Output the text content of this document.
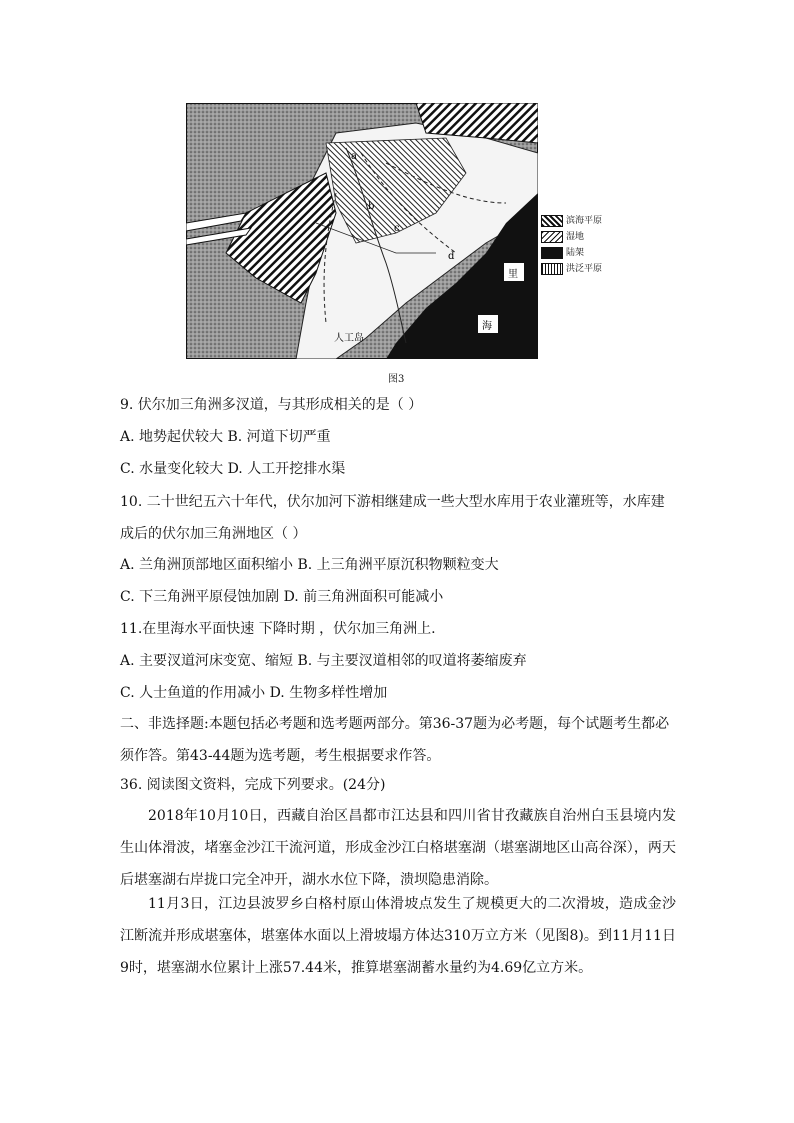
a
b
c
d
里
海
人工岛
滨海平原
湿地
陆架
洪泛平原
图3
9. 伏尔加三角洲多汊道，与其形成相关的是（ ）
A. 地势起伏较大 B. 河道下切严重
C. 水量变化较大 D. 人工开挖排水渠
10. 二十世纪五六十年代，伏尔加河下游相继建成一些大型水库用于农业灌班等，水库建成后的伏尔加三角洲地区（ ）
A. 兰角洲顶部地区面积缩小 B. 上三角洲平原沉积物颗粒变大
C. 下三角洲平原侵蚀加剧 D. 前三角洲面积可能减小
11.在里海水平面快速 下降时期 ，伏尔加三角洲上.
A. 主要汊道河床变宽、缩短 B. 与主要汊道相邻的叹道将萎缩废弃
C. 人士鱼道的作用减小 D. 生物多样性增加
二、非选择题:本题包括必考题和选考题两部分。第36-37题为必考题，每个试题考生都必须作答。第43-44题为选考题，考生根据要求作答。
36. 阅读图文资料，完成下列要求。(24分)
2018年10月10日，西藏自治区昌都市江达县和四川省甘孜藏族自治州白玉县境内发生山体滑波，堵塞金沙江干流河道，形成金沙江白格堪塞湖（堪塞湖地区山高谷深），两天后堪塞湖右岸拢口完全冲开，湖水水位下降，溃坝隐患消除。
11月3日，江边县波罗乡白格村原山体滑坡点发生了规模更大的二次滑坡，造成金沙江断流并形成堪塞体，堪塞体水面以上滑坡塌方体达310万立方米（见图8)。到11月11日9时，堪塞湖水位累计上涨57.44米，推算堪塞湖蓄水量约为4.69亿立方米。
